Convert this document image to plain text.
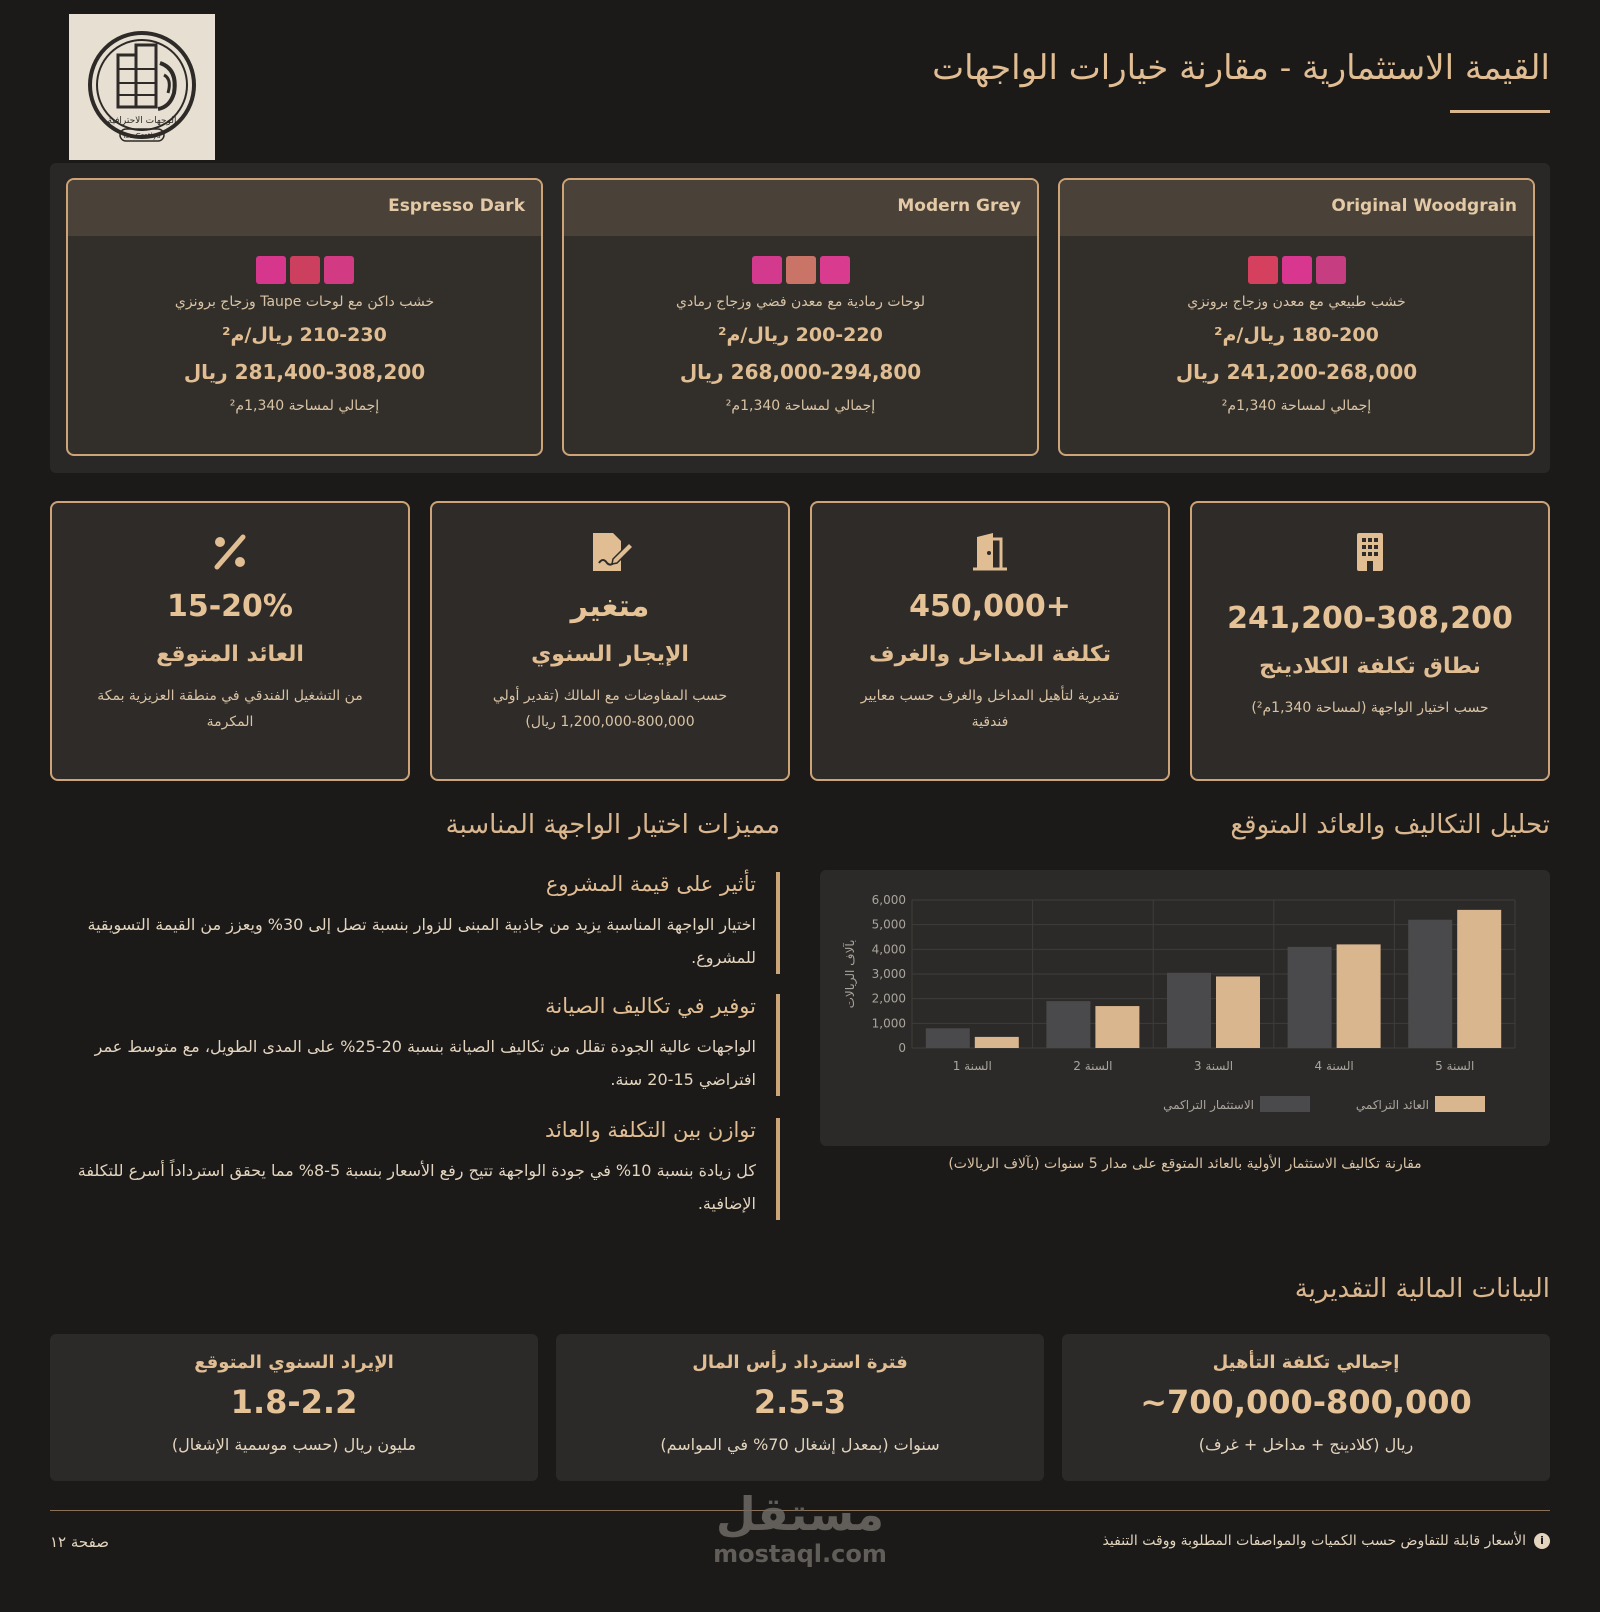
الوجهات الاحترافية
iso Gretlys
القيمة الاستثمارية - مقارنة خيارات الواجهات
Original Woodgrain
خشب طبيعي مع معدن وزجاج برونزي
180-200 ريال/م²
241,200-268,000 ريال
إجمالي لمساحة 1,340م²
Modern Grey
لوحات رمادية مع معدن فضي وزجاج رمادي
200-220 ريال/م²
268,000-294,800 ريال
إجمالي لمساحة 1,340م²
Espresso Dark
خشب داكن مع لوحات Taupe وزجاج برونزي
210-230 ريال/م²
281,400-308,200 ريال
إجمالي لمساحة 1,340م²
241,200-308,200
نطاق تكلفة الكلادينج
حسب اختيار الواجهة (لمساحة 1,340م²)
+450,000
تكلفة المداخل والغرف
تقديرية لتأهيل المداخل والغرف حسب معايير فندقية
متغير
الإيجار السنوي
حسب المفاوضات مع المالك (تقدير أولي 800,000-1,200,000 ريال)
15-20%
العائد المتوقع
من التشغيل الفندقي في منطقة العزيزية بمكة المكرمة
تحليل التكاليف والعائد المتوقع
0
1,000
2,000
3,000
4,000
5,000
6,000
بآلاف الريالات
السنة 1	السنة 2	السنة 3	السنة 4	السنة 5
الاستثمار التراكمي	العائد التراكمي
مقارنة تكاليف الاستثمار الأولية بالعائد المتوقع على مدار 5 سنوات (بآلاف الريالات)
مميزات اختيار الواجهة المناسبة
تأثير على قيمة المشروع
اختيار الواجهة المناسبة يزيد من جاذبية المبنى للزوار بنسبة تصل إلى 30% ويعزز من القيمة التسويقية للمشروع.
توفير في تكاليف الصيانة
الواجهات عالية الجودة تقلل من تكاليف الصيانة بنسبة 20-25% على المدى الطويل، مع متوسط عمر افتراضي 15-20 سنة.
توازن بين التكلفة والعائد
كل زيادة بنسبة 10% في جودة الواجهة تتيح رفع الأسعار بنسبة 5-8% مما يحقق استرداداً أسرع للتكلفة الإضافية.
البيانات المالية التقديرية
إجمالي تكلفة التأهيل
~700,000-800,000
ريال (كلادينج + مداخل + غرف)
فترة استرداد رأس المال
2.5-3
سنوات (بمعدل إشغال 70% في المواسم)
الإيراد السنوي المتوقع
1.8-2.2
مليون ريال (حسب موسمية الإشغال)
i
الأسعار قابلة للتفاوض حسب الكميات والمواصفات المطلوبة ووقت التنفيذ
صفحة ١٢
مستقل
mostaql.com
